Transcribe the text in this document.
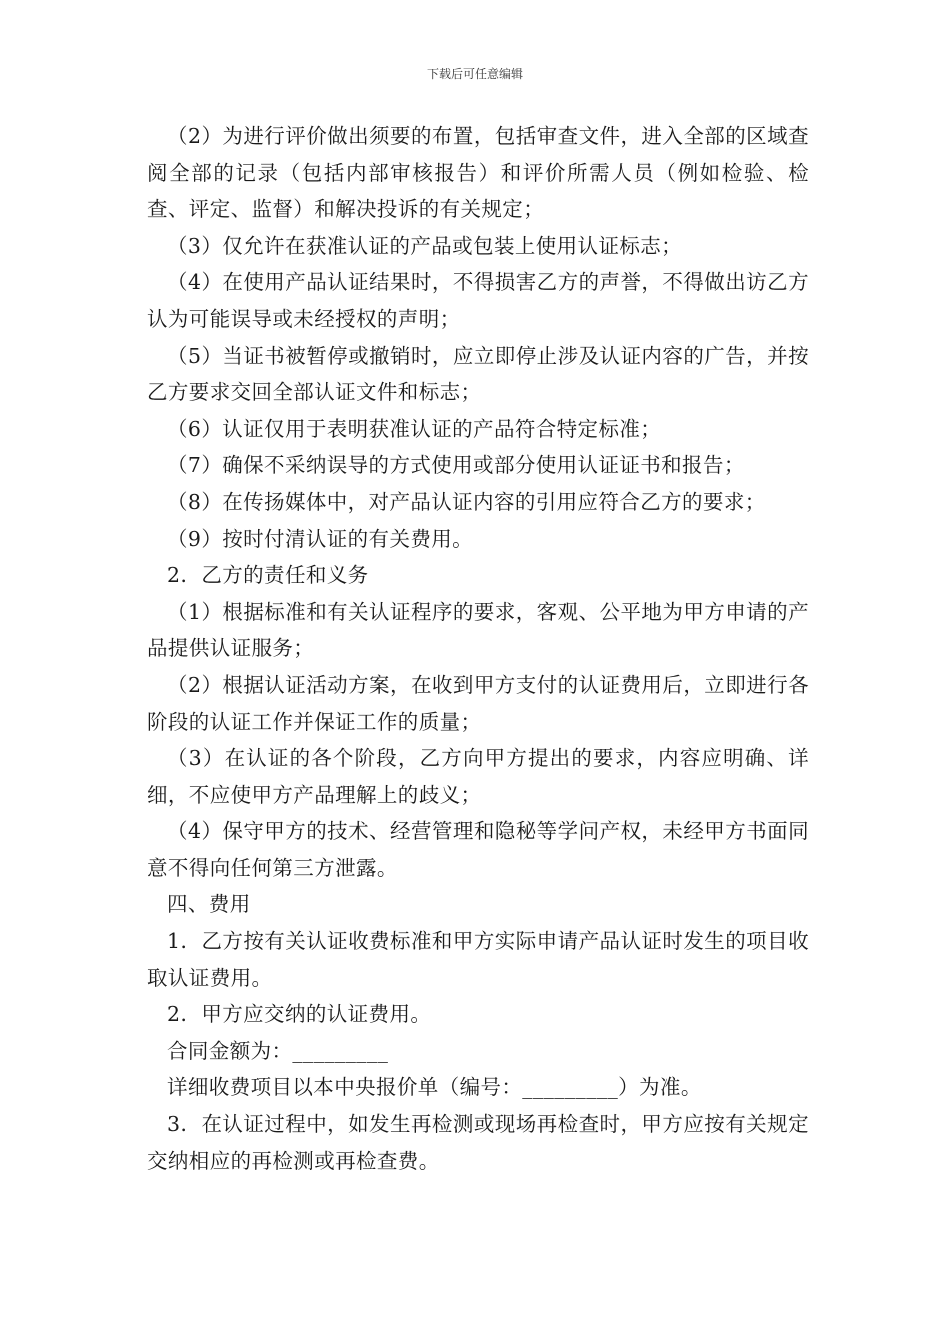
下载后可任意编辑

（2）为进行评价做出须要的布置，包括审查文件，进入全部的区域查阅全部的记录（包括内部审核报告）和评价所需人员（例如检验、检查、评定、监督）和解决投诉的有关规定；

（3）仅允许在获准认证的产品或包装上使用认证标志；

（4）在使用产品认证结果时，不得损害乙方的声誉，不得做出访乙方认为可能误导或未经授权的声明；

（5）当证书被暂停或撤销时，应立即停止涉及认证内容的广告，并按乙方要求交回全部认证文件和标志；

（6）认证仅用于表明获准认证的产品符合特定标准；

（7）确保不采纳误导的方式使用或部分使用认证证书和报告；

（8）在传扬媒体中，对产品认证内容的引用应符合乙方的要求；

（9）按时付清认证的有关费用。

2．乙方的责任和义务

（1）根据标准和有关认证程序的要求，客观、公平地为甲方申请的产品提供认证服务；

（2）根据认证活动方案，在收到甲方支付的认证费用后，立即进行各阶段的认证工作并保证工作的质量；

（3）在认证的各个阶段，乙方向甲方提出的要求，内容应明确、详细，不应使甲方产品理解上的歧义；

（4）保守甲方的技术、经营管理和隐秘等学问产权，未经甲方书面同意不得向任何第三方泄露。

四、费用

1．乙方按有关认证收费标准和甲方实际申请产品认证时发生的项目收取认证费用。

2．甲方应交纳的认证费用。

合同金额为：_________

详细收费项目以本中央报价单（编号：_________）为准。

3．在认证过程中，如发生再检测或现场再检查时，甲方应按有关规定交纳相应的再检测或再检查费。
